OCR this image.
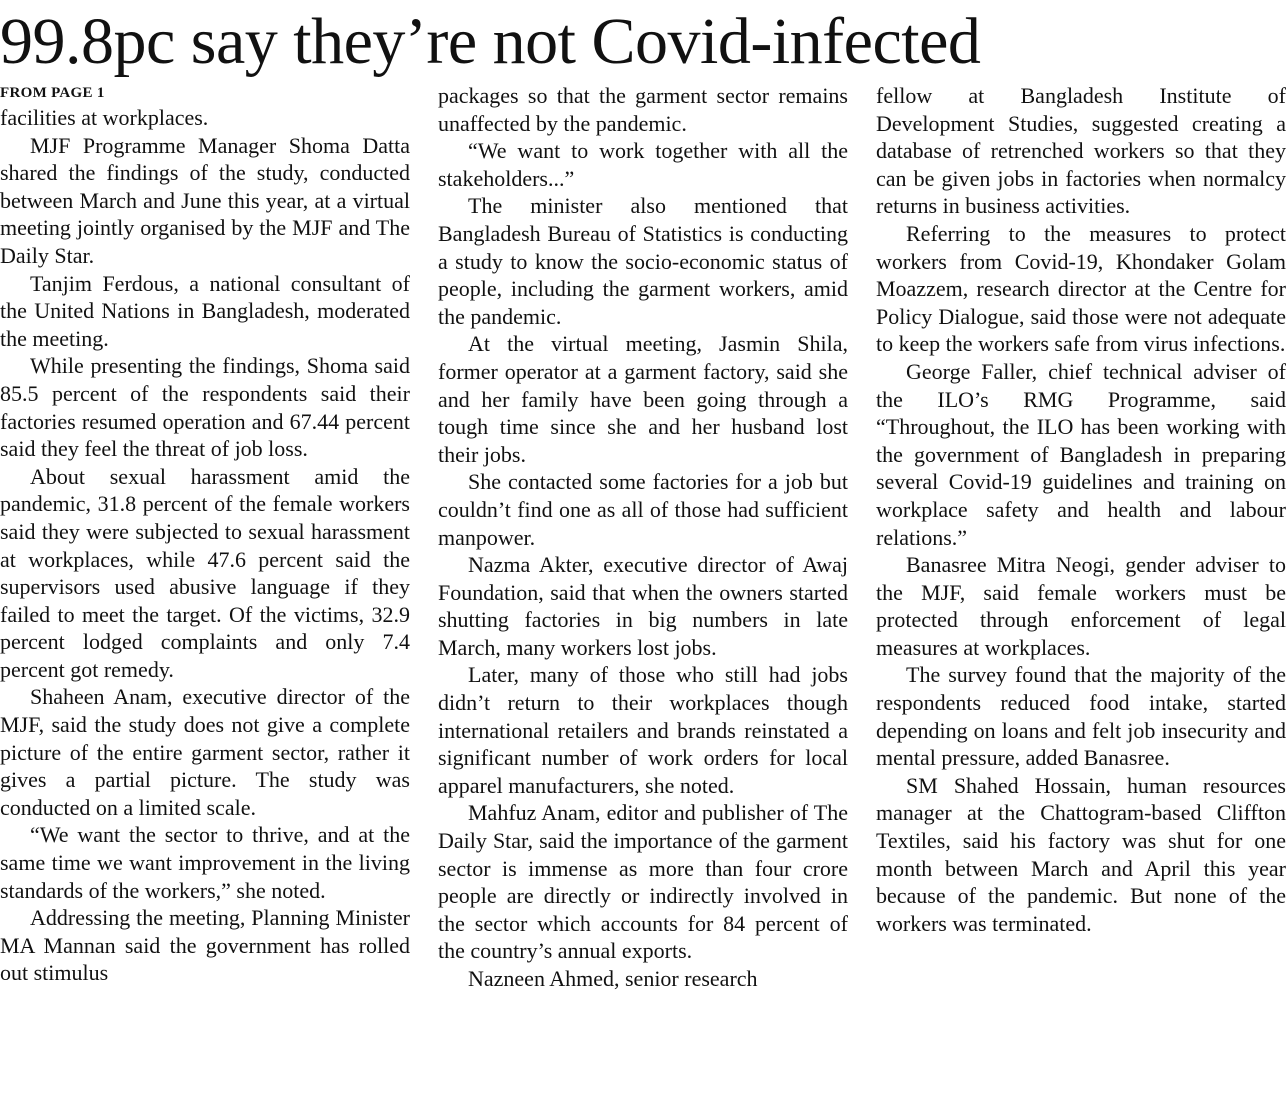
99.8pc say they’re not Covid-infected
FROM PAGE 1

facilities at workplaces.

MJF Programme Manager Shoma Datta shared the findings of the study, conducted between March and June this year, at a virtual meeting jointly organised by the MJF and The Daily Star.

Tanjim Ferdous, a national consultant of the United Nations in Bangladesh, moderated the meeting.

While presenting the findings, Shoma said 85.5 percent of the respondents said their factories resumed operation and 67.44 percent said they feel the threat of job loss.

About sexual harassment amid the pandemic, 31.8 percent of the female workers said they were subjected to sexual harassment at workplaces, while 47.6 percent said the supervisors used abusive language if they failed to meet the target. Of the victims, 32.9 percent lodged complaints and only 7.4 percent got remedy.

Shaheen Anam, executive director of the MJF, said the study does not give a complete picture of the entire garment sector, rather it gives a partial picture. The study was conducted on a limited scale.

“We want the sector to thrive, and at the same time we want improvement in the living standards of the workers,” she noted.

Addressing the meeting, Planning Minister MA Mannan said the government has rolled out stimulus

packages so that the garment sector remains unaffected by the pandemic.

“We want to work together with all the stakeholders...”

The minister also mentioned that Bangladesh Bureau of Statistics is conducting a study to know the socio-economic status of people, including the garment workers, amid the pandemic.

At the virtual meeting, Jasmin Shila, former operator at a garment factory, said she and her family have been going through a tough time since she and her husband lost their jobs.

She contacted some factories for a job but couldn’t find one as all of those had sufficient manpower.

Nazma Akter, executive director of Awaj Foundation, said that when the owners started shutting factories in big numbers in late March, many workers lost jobs.

Later, many of those who still had jobs didn’t return to their workplaces though international retailers and brands reinstated a significant number of work orders for local apparel manufacturers, she noted.

Mahfuz Anam, editor and publisher of The Daily Star, said the importance of the garment sector is immense as more than four crore people are directly or indirectly involved in the sector which accounts for 84 percent of the country’s annual exports.

Nazneen Ahmed, senior research

fellow at Bangladesh Institute of Development Studies, suggested creating a database of retrenched workers so that they can be given jobs in factories when normalcy returns in business activities.

Referring to the measures to protect workers from Covid-19, Khondaker Golam Moazzem, research director at the Centre for Policy Dialogue, said those were not adequate to keep the workers safe from virus infections.

George Faller, chief technical adviser of the ILO’s RMG Programme, said “Throughout, the ILO has been working with the government of Bangladesh in preparing several Covid-19 guidelines and training on workplace safety and health and labour relations.”

Banasree Mitra Neogi, gender adviser to the MJF, said female workers must be protected through enforcement of legal measures at workplaces.

The survey found that the majority of the respondents reduced food intake, started depending on loans and felt job insecurity and mental pressure, added Banasree.

SM Shahed Hossain, human resources manager at the Chattogram-based Cliffton Textiles, said his factory was shut for one month between March and April this year because of the pandemic. But none of the workers was terminated.
